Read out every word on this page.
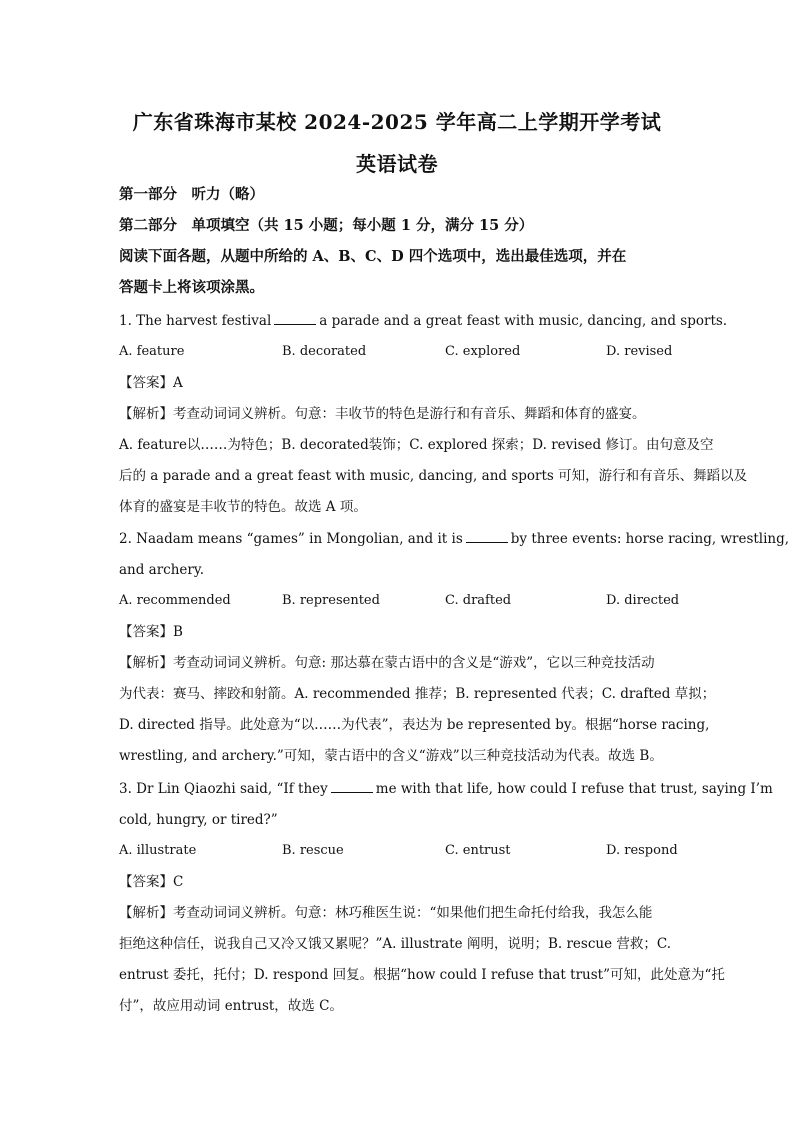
广东省珠海市某校 2024-2025 学年高二上学期开学考试
英语试卷
第一部分　听力（略）
第二部分　单项填空（共 15 小题；每小题 1 分，满分 15 分）
阅读下面各题，从题中所给的 A、B、C、D 四个选项中，选出最佳选项，并在
答题卡上将该项涂黑。
1. The harvest festival	a parade and a great feast with music, dancing, and sports.
A. feature	B. decorated	C. explored	D. revised
【答案】A
【解析】考查动词词义辨析。句意：丰收节的特色是游行和有音乐、舞蹈和体育的盛宴。
A. feature以……为特色；B. decorated装饰；C. explored 探索；D. revised 修订。由句意及空
后的 a parade and a great feast with music, dancing, and sports 可知，游行和有音乐、舞蹈以及
体育的盛宴是丰收节的特色。故选 A 项。
2. Naadam means “games” in Mongolian, and it is	by three events: horse racing, wrestling,
and archery.
A. recommended	B. represented	C. drafted	D. directed
【答案】B
【解析】考查动词词义辨析。句意: 那达慕在蒙古语中的含义是“游戏”，它以三种竞技活动
为代表：赛马、摔跤和射箭。A. recommended 推荐；B. represented 代表；C. drafted 草拟；
D. directed 指导。此处意为“以……为代表”，表达为 be represented by。根据“horse racing,
wrestling, and archery.”可知，蒙古语中的含义“游戏”以三种竞技活动为代表。故选 B。
3. Dr Lin Qiaozhi said, “If they	me with that life, how could I refuse that trust, saying I’m
cold, hungry, or tired?”
A. illustrate	B. rescue	C. entrust	D. respond
【答案】C
【解析】考查动词词义辨析。句意：林巧稚医生说：“如果他们把生命托付给我，我怎么能
拒绝这种信任，说我自己又冷又饿又累呢？”A. illustrate 阐明，说明；B. rescue 营救；C.
entrust 委托，托付；D. respond 回复。根据“how could I refuse that trust”可知，此处意为“托
付”，故应用动词 entrust，故选 C。
